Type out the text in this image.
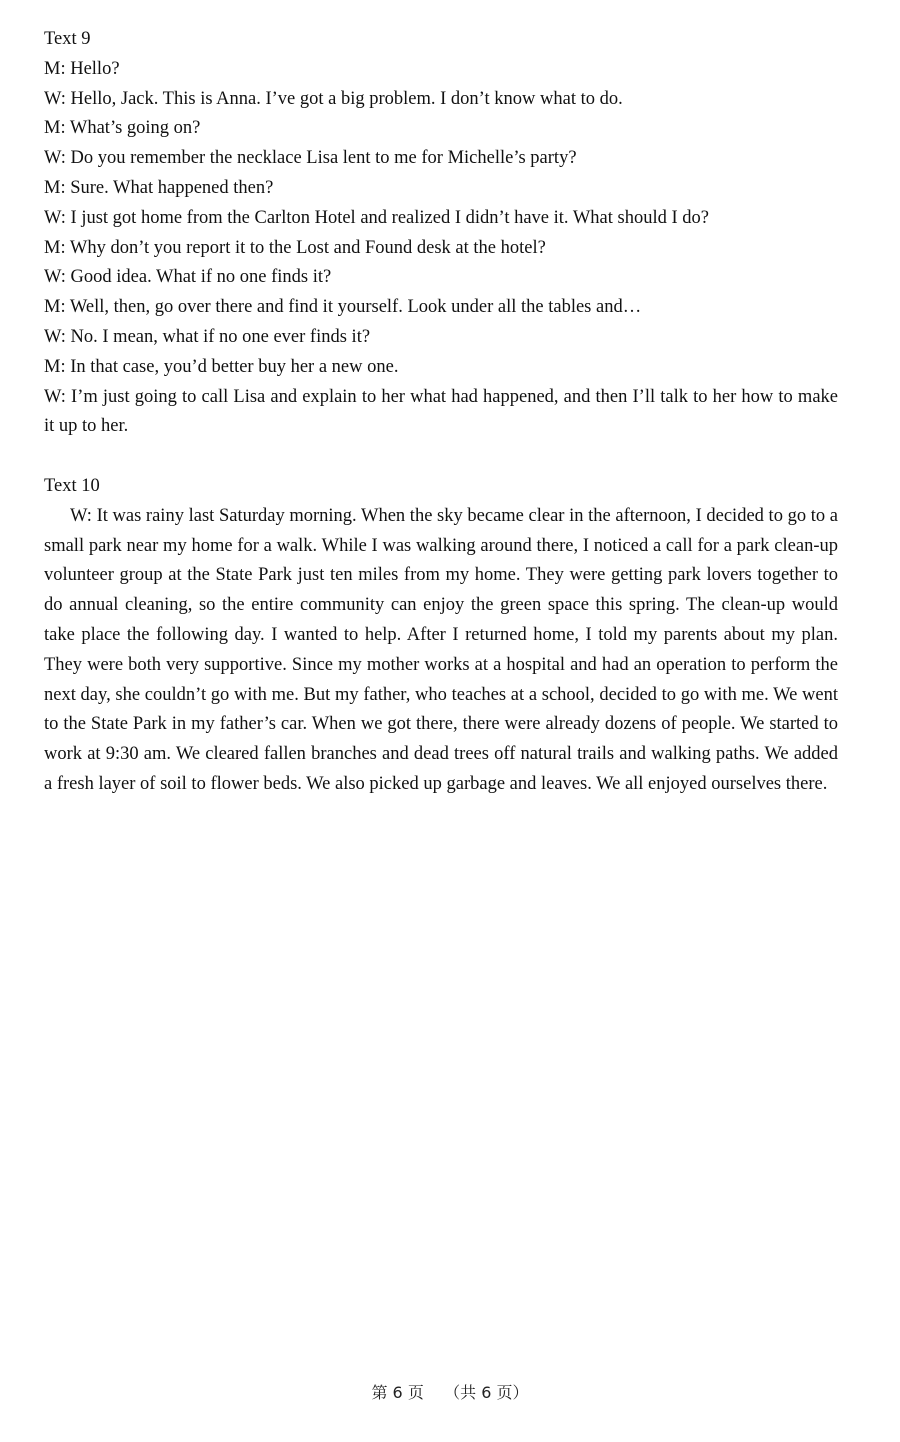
Text 9

M: Hello?

W: Hello, Jack. This is Anna. I’ve got a big problem. I don’t know what to do.

M: What’s going on?

W: Do you remember the necklace Lisa lent to me for Michelle’s party?

M: Sure. What happened then?

W: I just got home from the Carlton Hotel and realized I didn’t have it. What should I do?

M: Why don’t you report it to the Lost and Found desk at the hotel?

W: Good idea. What if no one finds it?

M: Well, then, go over there and find it yourself. Look under all the tables and…

W: No. I mean, what if no one ever finds it?

M: In that case, you’d better buy her a new one.

W: I’m just going to call Lisa and explain to her what had happened, and then I’ll talk to her how to make it up to her.

Text 10

W: It was rainy last Saturday morning. When the sky became clear in the afternoon, I decided to go to a small park near my home for a walk. While I was walking around there, I noticed a call for a park clean-up volunteer group at the State Park just ten miles from my home. They were getting park lovers together to do annual cleaning, so the entire community can enjoy the green space this spring. The clean-up would take place the following day. I wanted to help. After I returned home, I told my parents about my plan. They were both very supportive. Since my mother works at a hospital and had an operation to perform the next day, she couldn’t go with me. But my father, who teaches at a school, decided to go with me. We went to the State Park in my father’s car. When we got there, there were already dozens of people. We started to work at 9:30 am. We cleared fallen branches and dead trees off natural trails and walking paths. We added a fresh layer of soil to flower beds. We also picked up garbage and leaves. We all enjoyed ourselves there.

第 6 页 （共 6 页）
